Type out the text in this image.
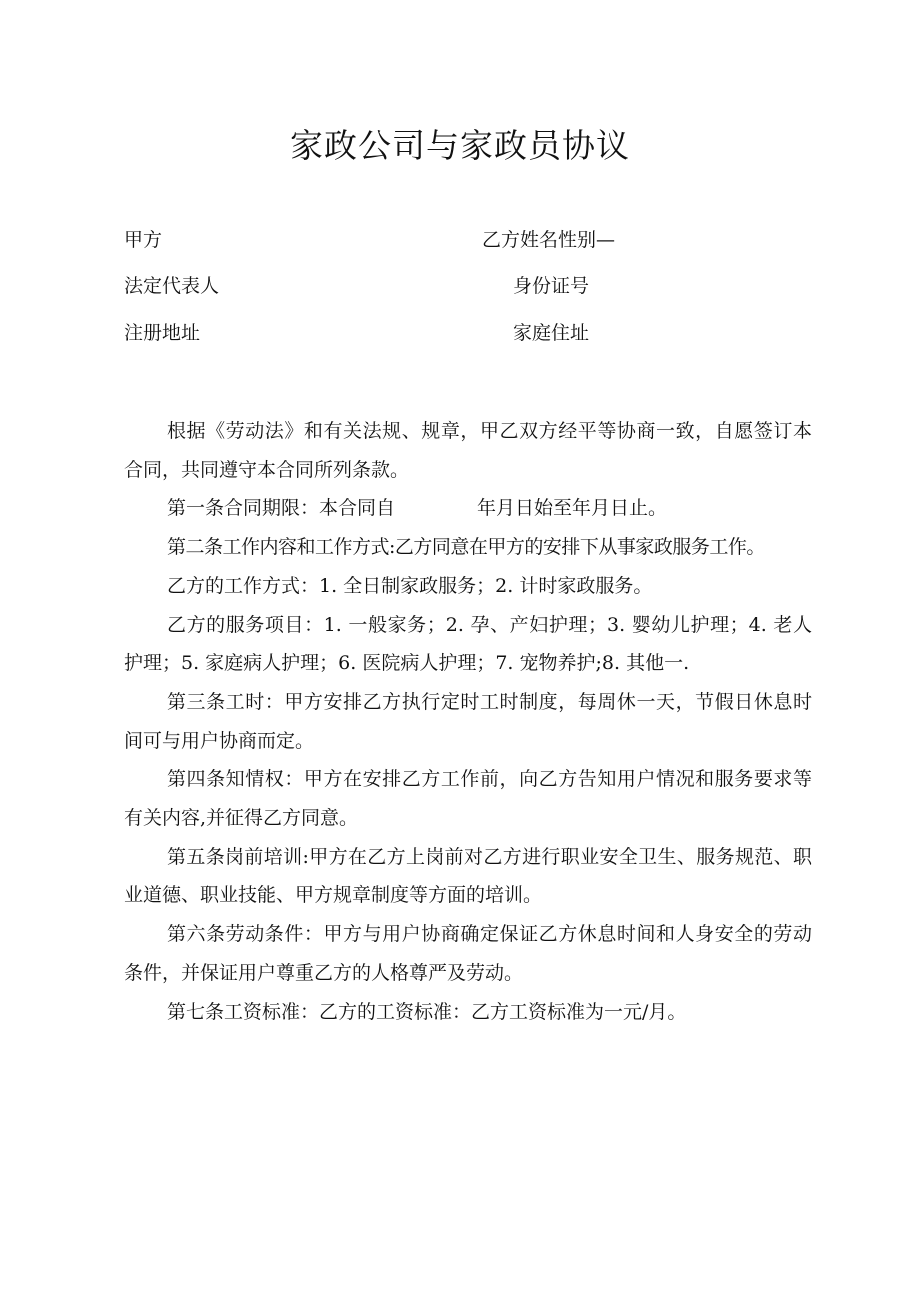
家政公司与家政员协议
甲方	乙方姓名性别—
法定代表人	身份证号
注册地址	家庭住址

根据《劳动法》和有关法规、规章，甲乙双方经平等协商一致，自愿签订本合同，共同遵守本合同所列条款。

第一条合同期限：本合同自	年月日始至年月日止。

第二条工作内容和工作方式:乙方同意在甲方的安排下从事家政服务工作。

乙方的工作方式：1. 全日制家政服务；2. 计时家政服务。

乙方的服务项目：1. 一般家务；2. 孕、产妇护理；3. 婴幼儿护理；4. 老人护理；5. 家庭病人护理；6. 医院病人护理；7. 宠物养护;8. 其他一.

第三条工时：甲方安排乙方执行定时工时制度，每周休一天，节假日休息时间可与用户协商而定。

第四条知情权：甲方在安排乙方工作前，向乙方告知用户情况和服务要求等有关内容,并征得乙方同意。

第五条岗前培训:甲方在乙方上岗前对乙方进行职业安全卫生、服务规范、职业道德、职业技能、甲方规章制度等方面的培训。

第六条劳动条件：甲方与用户协商确定保证乙方休息时间和人身安全的劳动条件，并保证用户尊重乙方的人格尊严及劳动。

第七条工资标准：乙方的工资标准：乙方工资标准为一元/月。
